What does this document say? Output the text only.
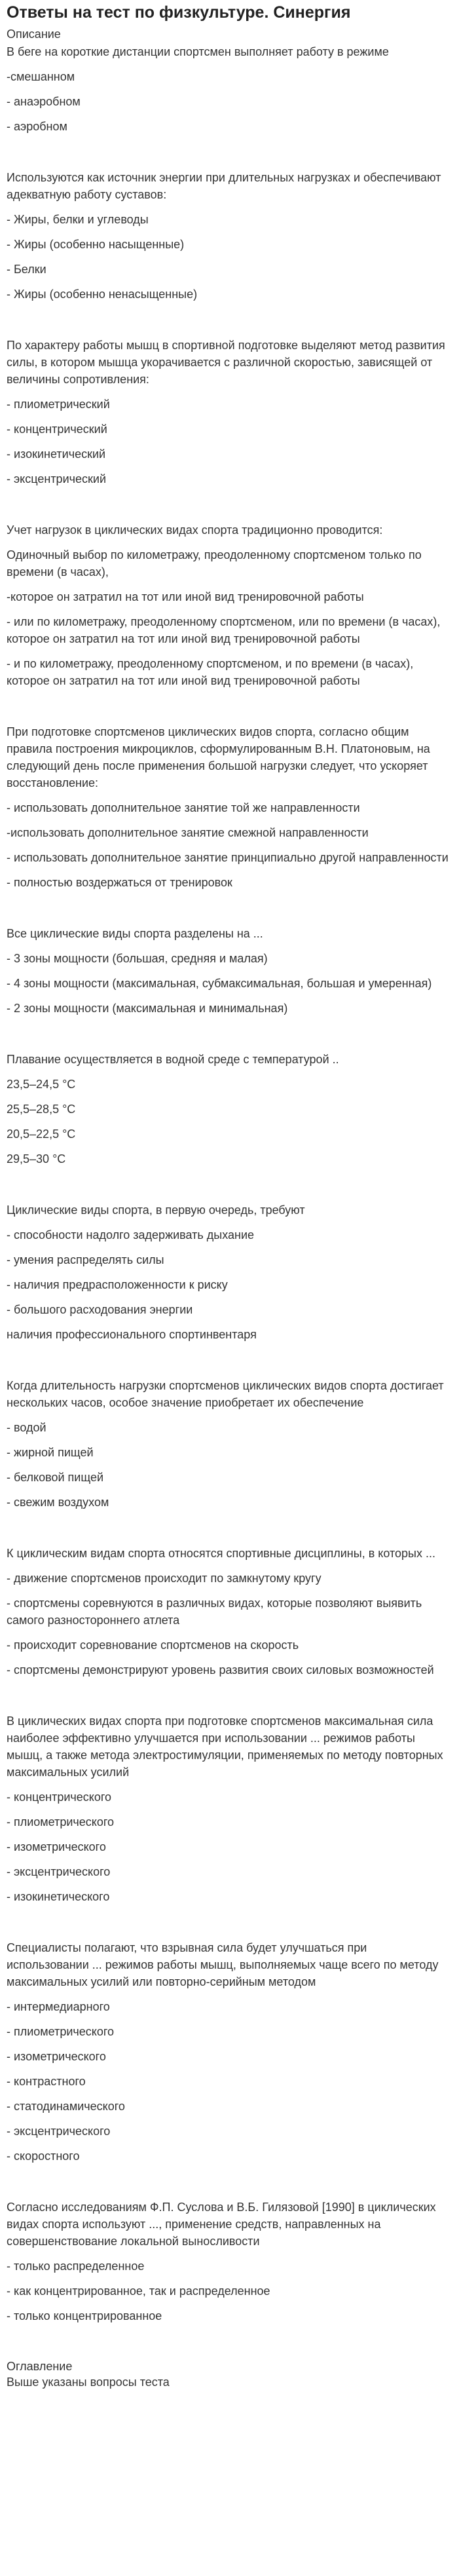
Ответы на тест по физкультуре. Синергия
Описание
В беге на короткие дистанции спортсмен выполняет работу в режиме
-смешанном
- анаэробном
- аэробном
Используются как источник энергии при длительных нагрузках и обеспечивают адекватную работу суставов:
- Жиры, белки и углеводы
- Жиры (особенно насыщенные)
- Белки
- Жиры (особенно ненасыщенные)
По характеру работы мышц в спортивной подготовке выделяют метод развития силы, в котором мышца укорачивается с различной скоростью, зависящей от величины сопротивления:
- плиометрический
- концентрический
- изокинетический
- эксцентрический
Учет нагрузок в циклических видах спорта традиционно проводится:
Одиночный выбор по километражу, преодоленному спортсменом только по времени (в часах),
-которое он затратил на тот или иной вид тренировочной работы
- или по километражу, преодоленному спортсменом, или по времени (в часах), которое он затратил на тот или иной вид тренировочной работы
- и по километражу, преодоленному спортсменом, и по времени (в часах), которое он затратил на тот или иной вид тренировочной работы
При подготовке спортсменов циклических видов спорта, согласно общим правила построения микроциклов, сформулированным В.Н. Платоновым, на следующий день после применения большой нагрузки следует, что ускоряет восстановление:
- использовать дополнительное занятие той же направленности
-использовать дополнительное занятие смежной направленности
- использовать дополнительное занятие принципиально другой направленности
- полностью воздержаться от тренировок
Все циклические виды спорта разделены на ...
- 3 зоны мощности (большая, средняя и малая)
- 4 зоны мощности (максимальная, субмаксимальная, большая и умеренная)
- 2 зоны мощности (максимальная и минимальная)
Плавание осуществляется в водной среде с температурой ..
23,5–24,5 °С
25,5–28,5 °С
20,5–22,5 °С
29,5–30 °С
Циклические виды спорта, в первую очередь, требуют
- способности надолго задерживать дыхание
- умения распределять силы
- наличия предрасположенности к риску
- большого расходования энергии
наличия профессионального спортинвентаря
Когда длительность нагрузки спортсменов циклических видов спорта достигает нескольких часов, особое значение приобретает их обеспечение
- водой
- жирной пищей
- белковой пищей
- свежим воздухом
К циклическим видам спорта относятся спортивные дисциплины, в которых ...
- движение спортсменов происходит по замкнутому кругу
- спортсмены соревнуются в различных видах, которые позволяют выявить самого разностороннего атлета
- происходит соревнование спортсменов на скорость
- спортсмены демонстрируют уровень развития своих силовых возможностей
В циклических видах спорта при подготовке спортсменов максимальная сила наиболее эффективно улучшается при использовании ... режимов работы мышц, а также метода электростимуляции, применяемых по методу повторных максимальных усилий
- концентрического
- плиометрического
- изометрического
- эксцентрического
- изокинетического
Специалисты полагают, что взрывная сила будет улучшаться при использовании ... режимов работы мышц, выполняемых чаще всего по методу максимальных усилий или повторно-серийным методом
- интермедиарного
- плиометрического
- изометрического
- контрастного
- статодинамического
- эксцентрического
- скоростного
Согласно исследованиям Ф.П. Суслова и В.Б. Гилязовой [1990] в циклических видах спорта используют ..., применение средств, направленных на совершенствование локальной выносливости
- только распределенное
- как концентрированное, так и распределенное
- только концентрированное
Оглавление
Выше указаны вопросы теста
